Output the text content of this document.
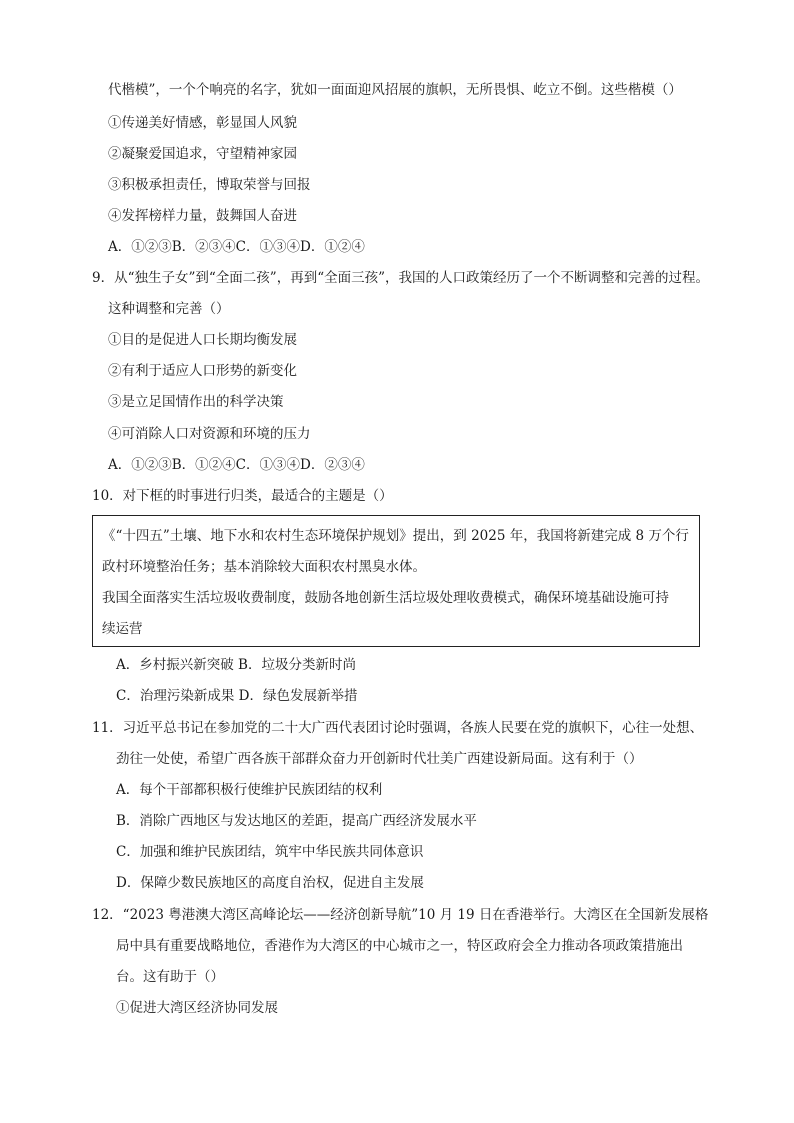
代楷模”，一个个响亮的名字，犹如一面面迎风招展的旗帜，无所畏惧、屹立不倒。这些楷模（）
①传递美好情感，彰显国人风貌
②凝聚爱国追求，守望精神家园
③积极承担责任，博取荣誉与回报
④发挥榜样力量，鼓舞国人奋进
A．①②③B．②③④C．①③④D．①②④
9．从“独生子女”到“全面二孩”，再到“全面三孩”，我国的人口政策经历了一个不断调整和完善的过程。
这种调整和完善（）
①目的是促进人口长期均衡发展
②有利于适应人口形势的新变化
③是立足国情作出的科学决策
④可消除人口对资源和环境的压力
A．①②③B．①②④C．①③④D．②③④
10．对下框的时事进行归类，最适合的主题是（）
《“十四五”土壤、地下水和农村生态环境保护规划》提出，到 2025 年，我国将新建完成 8 万个行
政村环境整治任务；基本消除较大面积农村黑臭水体。
我国全面落实生活垃圾收费制度，鼓励各地创新生活垃圾处理收费模式，确保环境基础设施可持
续运营
A．乡村振兴新突破 B．垃圾分类新时尚
C．治理污染新成果 D．绿色发展新举措
11．习近平总书记在参加党的二十大广西代表团讨论时强调，各族人民要在党的旗帜下，心往一处想、
劲往一处使，希望广西各族干部群众奋力开创新时代壮美广西建设新局面。这有利于（）
A．每个干部都积极行使维护民族团结的权利
B．消除广西地区与发达地区的差距，提高广西经济发展水平
C．加强和维护民族团结，筑牢中华民族共同体意识
D．保障少数民族地区的高度自治权，促进自主发展
12．“2023 粤港澳大湾区高峰论坛——经济创新导航”10 月 19 日在香港举行。大湾区在全国新发展格
局中具有重要战略地位，香港作为大湾区的中心城市之一，特区政府会全力推动各项政策措施出
台。这有助于（）
①促进大湾区经济协同发展
